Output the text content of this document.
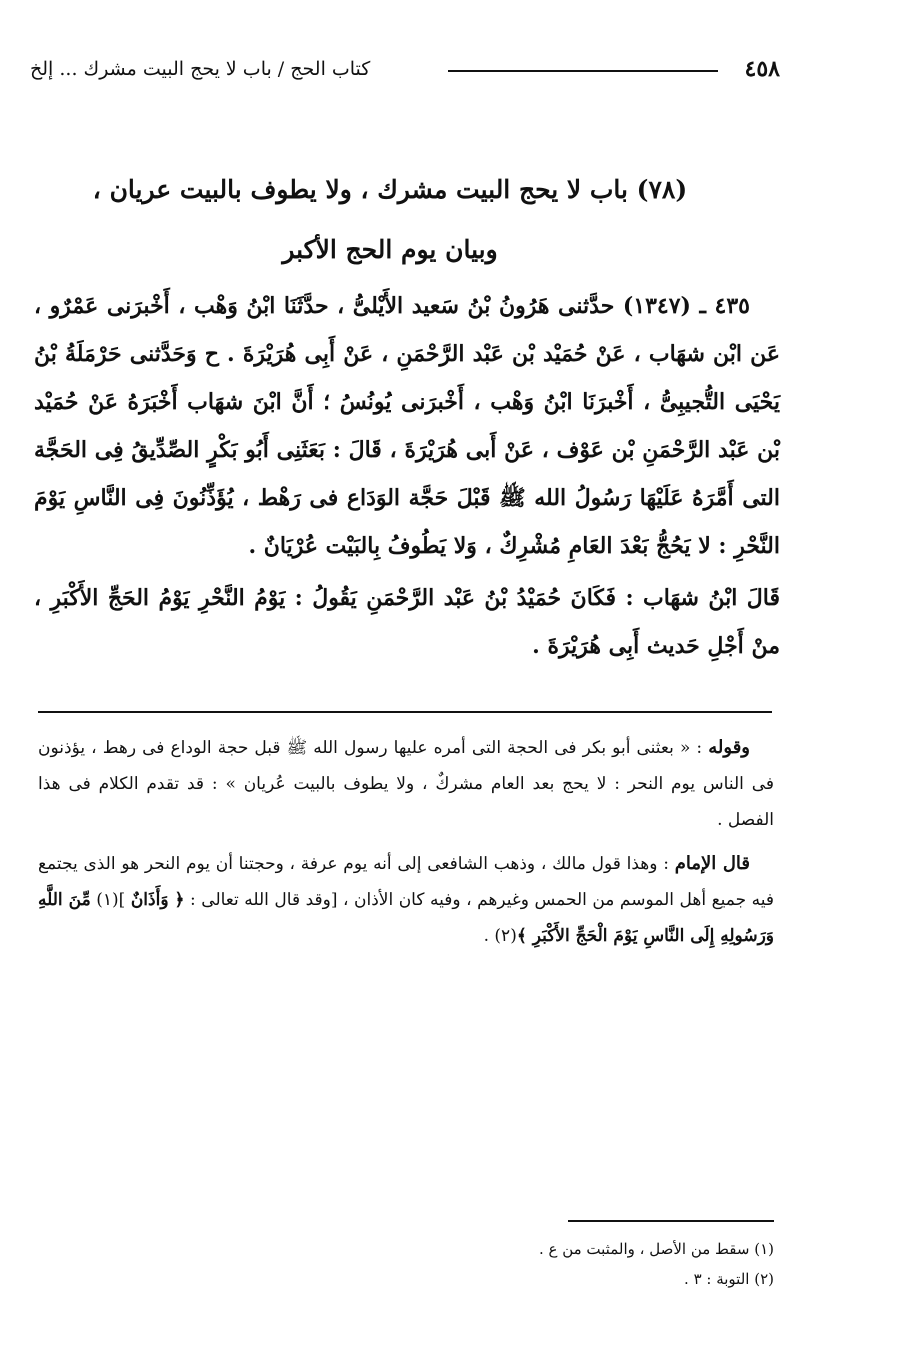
٤٥٨
كتاب الحج / باب لا يحج البيت مشرك ... إلخ
(٧٨) باب لا يحج البيت مشرك ، ولا يطوف بالبيت عريان ،
وبيان يوم الحج الأكبر

٤٣٥ ـ (١٣٤٧) حدَّثنى هَرُونُ بْنُ سَعيد الأَيْلىُّ ، حدَّثَنَا ابْنُ وَهْب ، أَخْبرَنى عَمْرٌو ، عَن ابْن شهَاب ، عَنْ حُمَيْد بْن عَبْد الرَّحْمَنِ ، عَنْ أَبِى هُرَيْرَةَ . ح وَحَدَّثنى حَرْمَلَةُ بْنُ يَحْيَى التُّجيبِىُّ ، أَخْبرَنَا ابْنُ وَهْب ، أَخْبرَنى يُونُسُ ؛ أَنَّ ابْنَ شهَاب أَخْبَرَهُ عَنْ حُمَيْد بْن عَبْد الرَّحْمَنِ بْن عَوْف ، عَنْ أَبى هُرَيْرَةَ ، قَالَ : بَعَثَنِى أَبُو بَكْرٍ الصِّدِّيقُ فِى الحَجَّة التى أَمَّرَهُ عَلَيْهَا رَسُولُ الله ﷺ قَبْلَ حَجَّة الوَدَاع فى رَهْط ، يُؤَذِّنُونَ فِى النَّاسِ يَوْمَ النَّحْرِ : لا يَحُجُّ بَعْدَ العَامِ مُشْرِكٌ ، وَلا يَطُوفُ بِالبَيْت عُرْيَانٌ .

قَالَ ابْنُ شهَاب : فَكَانَ حُمَيْدُ بْنُ عَبْد الرَّحْمَنِ يَقُولُ : يَوْمُ النَّحْرِ يَوْمُ الحَجِّ الأَكْبَرِ ، منْ أَجْلِ حَديث أَبِى هُرَيْرَةَ .

وقوله : « بعثنى أبو بكر فى الحجة التى أمره عليها رسول الله ﷺ قبل حجة الوداع فى رهط ، يؤذنون فى الناس يوم النحر : لا يحج بعد العام مشركٌ ، ولا يطوف بالبيت عُريان » : قد تقدم الكلام فى هذا الفصل .

قال الإمام : وهذا قول مالك ، وذهب الشافعى إلى أنه يوم عرفة ، وحجتنا أن يوم النحر هو الذى يجتمع فيه جميع أهل الموسم من الحمس وغيرهم ، وفيه كان الأذان ، [وقد قال الله تعالى : ﴿ وَأَذَانٌ ](١) مِّنَ اللَّهِ وَرَسُولِهِ إِلَى النَّاسِ يَوْمَ الْحَجِّ الأَكْبَرِ ﴾(٢) .

(١) سقط من الأصل ، والمثبت من ع .
(٢) التوبة : ٣ .
